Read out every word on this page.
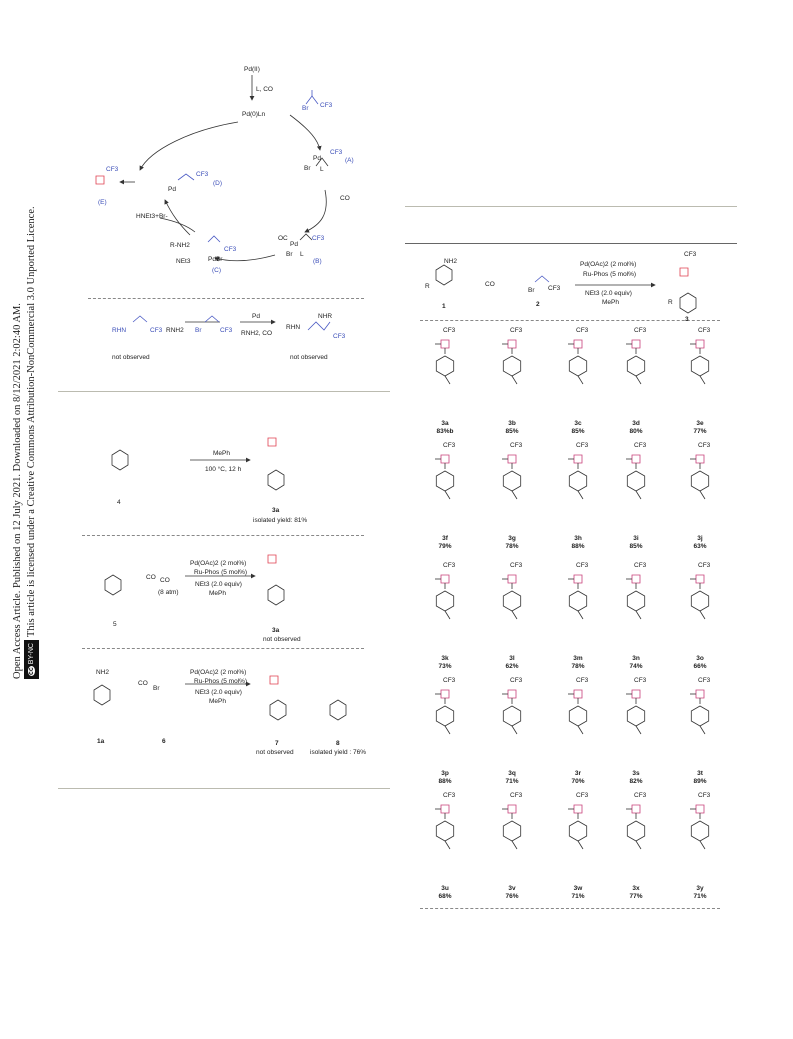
Open Access Article. Published on 12 July 2021. Downloaded on 8/12/2021 2:02:40 AM. ccBY-NCThis article is licensed under a Creative Commons Attribution-NonCommercial 3.0 Unported Licence.
Pd(II)
L, CO
Pd(0)Ln
Br CF3
Pd
CF3
Br L
(A)
CO
OC
Pd
CF3
Br L
(B)
HNEt3+Br-
R-NH2
NEt3
CF3
PdBr
(C)
CF3
Pd
(D)
CF3
(E)
RHN	CF3 RNH2 Br	CF3
Pd
RNH2, CO
NHR
RHN
CF3
not observed	not observed
4
MePh
100 °C, 12 h
3a
isolated yield: 81%
5
CO CO
(8 atm)
Pd(OAc)2 (2 mol%)
Ru-Phos (5 mol%)
NEt3 (2.0 equiv)
MePh
3a
not observed
NH2
CO
Br
Pd(OAc)2 (2 mol%)
Ru-Phos (5 mol%)
NEt3 (2.0 equiv)
MePh
1a	6	7	8
not observed	isolated yield : 76%
NH2
R	CO
Br CF3
Pd(OAc)2 (2 mol%)
Ru-Phos (5 mol%)
NEt3 (2.0 equiv)
MePh
CF3
R
1	2
3
CF3
3a
83%b
CF3
3b
85%
CF3
3c
85%
CF3
3d
80%
CF3
3e
77%
CF3
3f
79%
CF3
3g
78%
CF3
3h
88%
CF3
3i
85%
CF3
3j
63%
CF3
3k
73%
CF3
3l
62%
CF3
3m
78%
CF3
3n
74%
CF3
3o
66%
CF3
3p
88%
CF3
3q
71%
CF3
3r
70%
CF3
3s
82%
CF3
3t
89%
CF3
3u
68%
CF3
3v
76%
CF3
3w
71%
CF3
3x
77%
CF3
3y
71%
